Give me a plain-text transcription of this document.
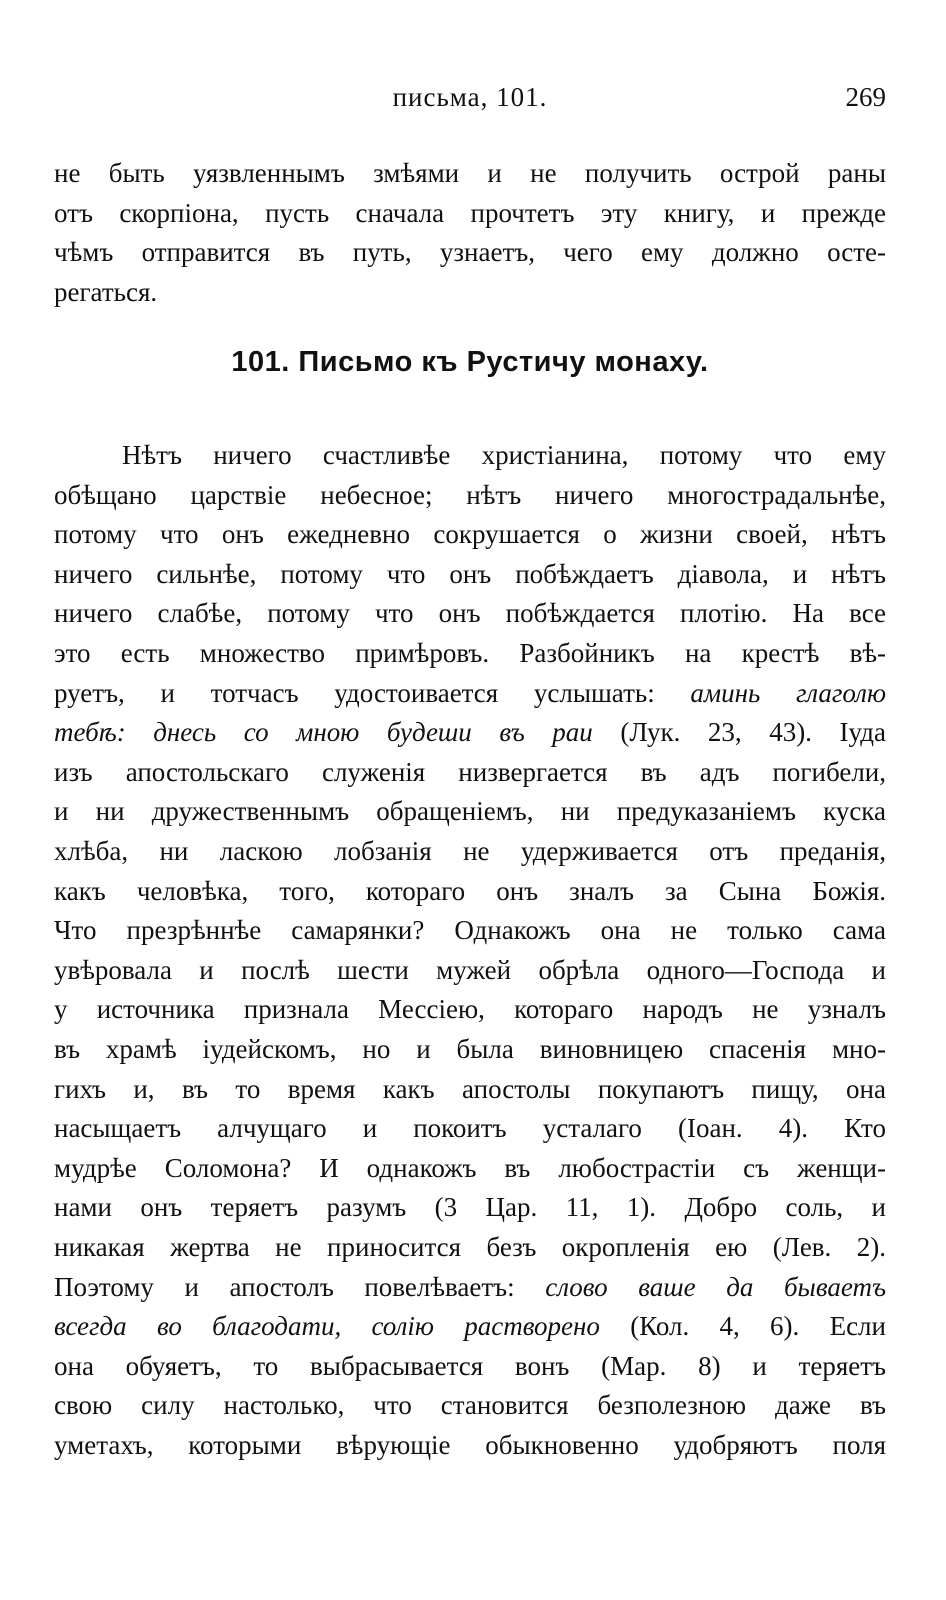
письма, 101.	269
не быть уязвленнымъ змѣями и не получить острой раны
отъ скорпіона, пусть сначала прочтетъ эту книгу, и прежде
чѣмъ отправится въ путь, узнаетъ, чего ему должно осте-
регаться.
101. Письмо къ Рустичу монаху.
Нѣтъ ничего счастливѣе христіанина, потому что ему
обѣщано царствіе небесное; нѣтъ ничего многострадальнѣе,
потому что онъ ежедневно сокрушается о жизни своей, нѣтъ
ничего сильнѣе, потому что онъ побѣждаетъ діавола, и нѣтъ
ничего слабѣе, потому что онъ побѣждается плотію. На все
это есть множество примѣровъ. Разбойникъ на крестѣ вѣ-
руетъ, и тотчасъ удостоивается услышать: аминь глаголю
тебѣ: днесь со мною будеши въ раи (Лук. 23, 43). Іуда
изъ апостольскаго служенія низвергается въ адъ погибели,
и ни дружественнымъ обращеніемъ, ни предуказаніемъ куска
хлѣба, ни ласкою лобзанія не удерживается отъ преданія,
какъ человѣка, того, котораго онъ зналъ за Сына Божія.
Что презрѣннѣе самарянки? Однакожъ она не только сама
увѣровала и послѣ шести мужей обрѣла одного—Господа и
у источника признала Мессіею, котораго народъ не узналъ
въ храмѣ іудейскомъ, но и была виновницею спасенія мно-
гихъ и, въ то время какъ апостолы покупаютъ пищу, она
насыщаетъ алчущаго и покоитъ усталаго (Іоан. 4). Кто
мудрѣе Соломона? И однакожъ въ любострастіи съ женщи-
нами онъ теряетъ разумъ (3 Цар. 11, 1). Добро соль, и
никакая жертва не приносится безъ окропленія ею (Лев. 2).
Поэтому и апостолъ повелѣваетъ: слово ваше да бываетъ
всегда во благодати, солію растворено (Кол. 4, 6). Если
она обуяетъ, то выбрасывается вонъ (Мар. 8) и теряетъ
свою силу настолько, что становится безполезною даже въ
уметахъ, которыми вѣрующіе обыкновенно удобряютъ поля
